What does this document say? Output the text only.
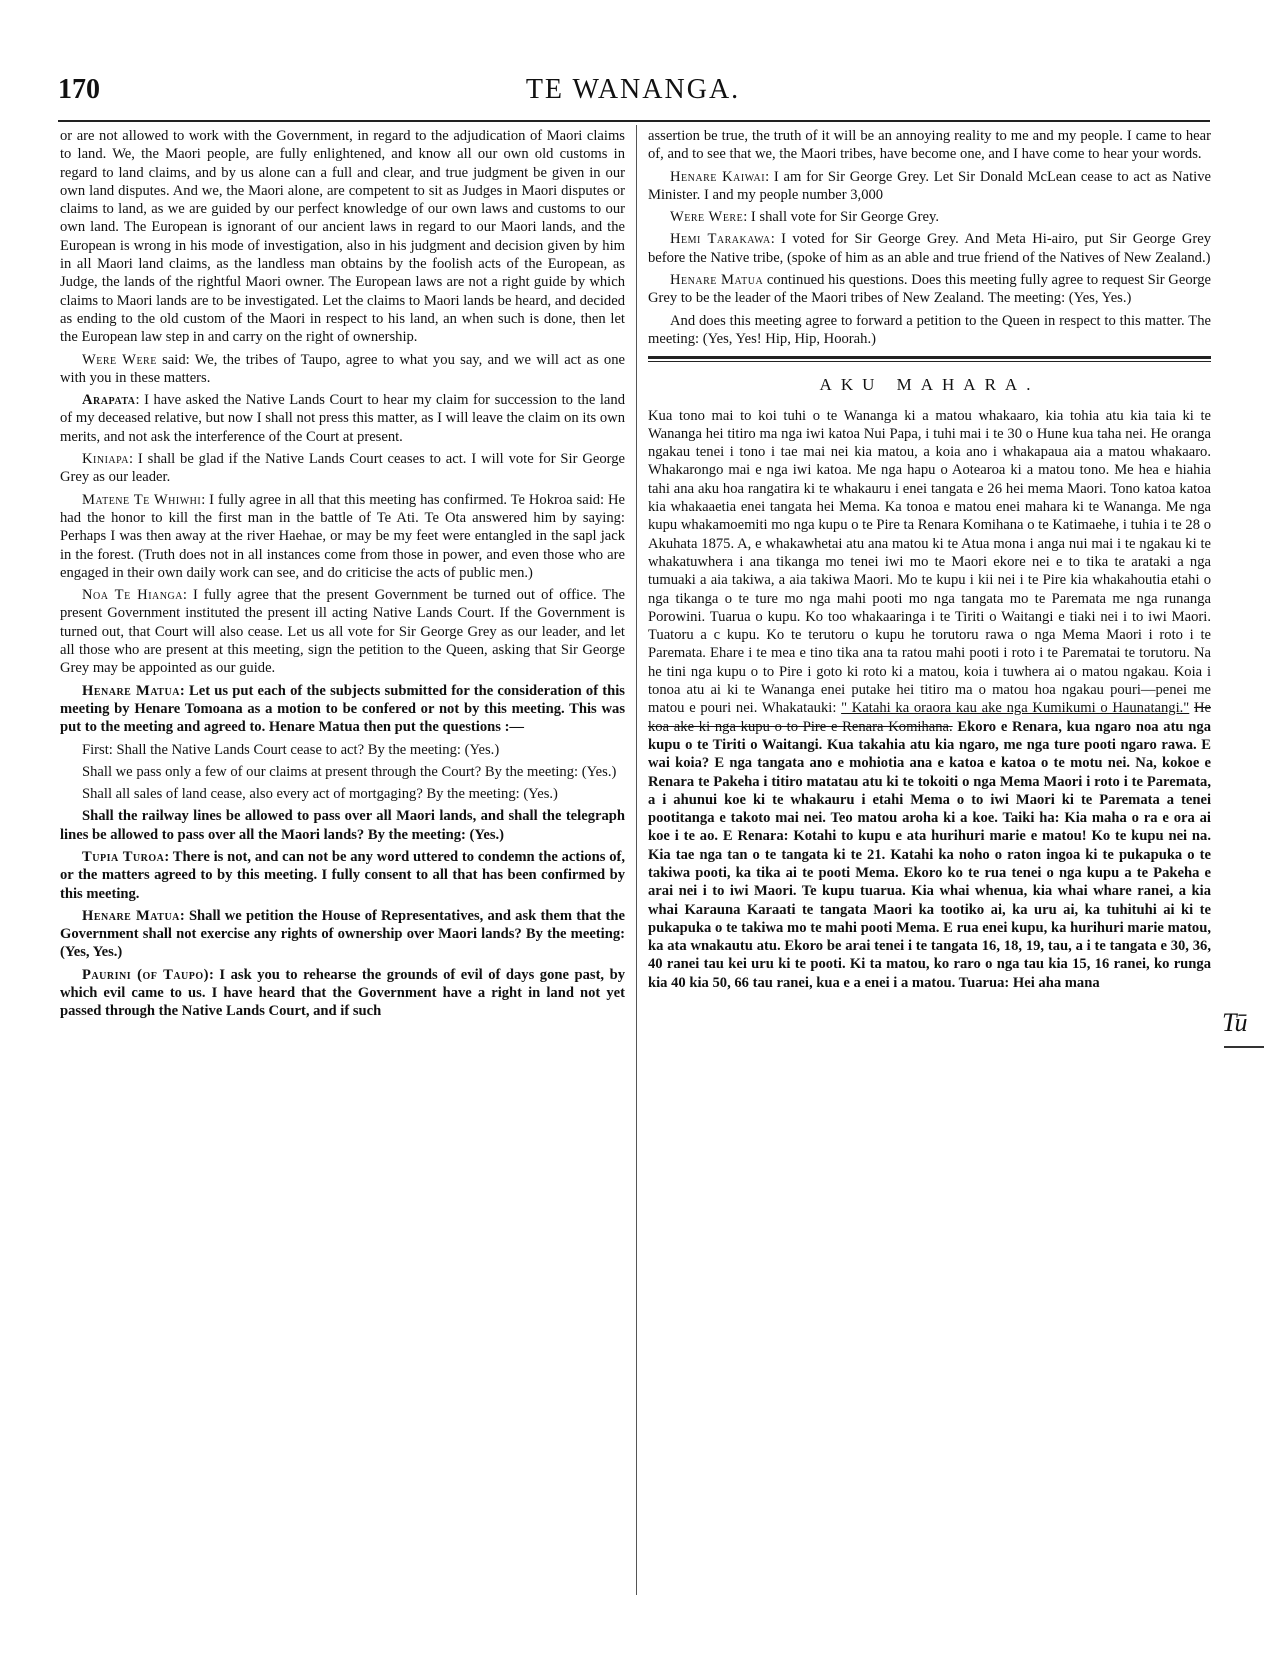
170	TE WANANGA.

or are not allowed to work with the Government, in regard to the adjudication of Maori claims to land. We, the Maori people, are fully enlightened, and know all our own old customs in regard to land claims, and by us alone can a full and clear, and true judgment be given in our own land disputes. And we, the Maori alone, are competent to sit as Judges in Maori disputes or claims to land, as we are guided by our perfect knowledge of our own laws and customs to our own land. The European is ignorant of our ancient laws in regard to our Maori lands, and the European is wrong in his mode of investigation, also in his judgment and decision given by him in all Maori land claims, as the landless man obtains by the foolish acts of the European, as Judge, the lands of the rightful Maori owner. The European laws are not a right guide by which claims to Maori lands are to be investigated. Let the claims to Maori lands be heard, and decided as ending to the old custom of the Maori in respect to his land, an when such is done, then let the European law step in and carry on the right of ownership.

Were Were said: We, the tribes of Taupo, agree to what you say, and we will act as one with you in these matters.

Arapata: I have asked the Native Lands Court to hear my claim for succession to the land of my deceased relative, but now I shall not press this matter, as I will leave the claim on its own merits, and not ask the interference of the Court at present.

Kiniapa: I shall be glad if the Native Lands Court ceases to act. I will vote for Sir George Grey as our leader.

Matene Te Whiwhi: I fully agree in all that this meeting has confirmed. Te Hokroa said: He had the honor to kill the first man in the battle of Te Ati. Te Ota answered him by saying: Perhaps I was then away at the river Haehae, or may be my feet were entangled in the sapl jack in the forest. (Truth does not in all instances come from those in power, and even those who are engaged in their own daily work can see, and do criticise the acts of public men.)

Noa Te Hianga: I fully agree that the present Government be turned out of office. The present Government instituted the present ill acting Native Lands Court. If the Government is turned out, that Court will also cease. Let us all vote for Sir George Grey as our leader, and let all those who are present at this meeting, sign the petition to the Queen, asking that Sir George Grey may be appointed as our guide.

Henare Matua: Let us put each of the subjects submitted for the consideration of this meeting by Henare Tomoana as a motion to be confered or not by this meeting. This was put to the meeting and agreed to. Henare Matua then put the questions :—

First: Shall the Native Lands Court cease to act? By the meeting: (Yes.)

Shall we pass only a few of our claims at present through the Court? By the meeting: (Yes.)

Shall all sales of land cease, also every act of mortgaging? By the meeting: (Yes.)

Shall the railway lines be allowed to pass over all Maori lands, and shall the telegraph lines be allowed to pass over all the Maori lands? By the meeting: (Yes.)

Tupia Turoa: There is not, and can not be any word uttered to condemn the actions of, or the matters agreed to by this meeting. I fully consent to all that has been confirmed by this meeting.

Henare Matua: Shall we petition the House of Representatives, and ask them that the Government shall not exercise any rights of ownership over Maori lands? By the meeting: (Yes, Yes.)

Paurini (of Taupo): I ask you to rehearse the grounds of evil of days gone past, by which evil came to us. I have heard that the Government have a right in land not yet passed through the Native Lands Court, and if such

assertion be true, the truth of it will be an annoying reality to me and my people. I came to hear of, and to see that we, the Maori tribes, have become one, and I have come to hear your words.

Henare Kaiwai: I am for Sir George Grey. Let Sir Donald McLean cease to act as Native Minister. I and my people number 3,000

Were Were: I shall vote for Sir George Grey.

Hemi Tarakawa: I voted for Sir George Grey. And Meta Hi-airo, put Sir George Grey before the Native tribe, (spoke of him as an able and true friend of the Natives of New Zealand.)

Henare Matua continued his questions. Does this meeting fully agree to request Sir George Grey to be the leader of the Maori tribes of New Zealand. The meeting: (Yes, Yes.)

And does this meeting agree to forward a petition to the Queen in respect to this matter. The meeting: (Yes, Yes! Hip, Hip, Hoorah.)

AKU MAHARA.

Kua tono mai to koi tuhi o te Wananga ki a matou whakaaro, kia tohia atu kia taia ki te Wananga hei titiro ma nga iwi katoa Nui Papa, i tuhi mai i te 30 o Hune kua taha nei. He oranga ngakau tenei i tono i tae mai nei kia matou, a koia ano i whakapaua aia a matou whakaaro. Whakarongo mai e nga iwi katoa. Me nga hapu o Aotearoa ki a matou tono. Me hea e hiahia tahi ana aku hoa rangatira ki te whakauru i enei tangata e 26 hei mema Maori. Tono katoa katoa kia whakaaetia enei tangata hei Mema. Ka tonoa e matou enei mahara ki te Wananga. Me nga kupu whakamoemiti mo nga kupu o te Pire ta Renara Komihana o te Katimaehe, i tuhia i te 28 o Akuhata 1875. A, e whakawhetai atu ana matou ki te Atua mona i anga nui mai i te ngakau ki te whakatuwhera i ana tikanga mo tenei iwi mo te Maori ekore nei e to tika te arataki a nga tumuaki a aia takiwa, a aia takiwa Maori. Mo te kupu i kii nei i te Pire kia whakahoutia etahi o nga tikanga o te ture mo nga mahi pooti mo nga tangata mo te Paremata me nga runanga Porowini. Tuarua o kupu. Ko too whakaaringa i te Tiriti o Waitangi e tiaki nei i to iwi Maori. Tuatoru a c kupu. Ko te terutoru o kupu he torutoru rawa o nga Mema Maori i roto i te Paremata. Ehare i te mea e tino tika ana ta ratou mahi pooti i roto i te Parematai te torutoru. Na he tini nga kupu o to Pire i goto ki roto ki a matou, koia i tuwhera ai o matou ngakau. Koia i tonoa atu ai ki te Wananga enei putake hei titiro ma o matou hoa ngakau pouri—penei me matou e pouri nei. Whakatauki: " Katahi ka oraora kau ake nga Kumikumi o Haunatangi." He koa ake ki nga kupu o to Pire e Renara Komihana. Ekoro e Renara, kua ngaro noa atu nga kupu o te Tiriti o Waitangi. Kua takahia atu kia ngaro, me nga ture pooti ngaro rawa. E wai koia? E nga tangata ano e mohiotia ana e katoa e katoa o te motu nei. Na, kokoe e Renara te Pakeha i titiro matatau atu ki te tokoiti o nga Mema Maori i roto i te Paremata, a i ahunui koe ki te whakauru i etahi Mema o to iwi Maori ki te Paremata a tenei pootitanga e takoto mai nei. Teo matou aroha ki a koe. Taiki ha: Kia maha o ra e ora ai koe i te ao. E Renara: Kotahi to kupu e ata hurihuri marie e matou! Ko te kupu nei na. Kia tae nga tan o te tangata ki te 21. Katahi ka noho o raton ingoa ki te pukapuka o te takiwa pooti, ka tika ai te pooti Mema. Ekoro ko te rua tenei o nga kupu a te Pakeha e arai nei i to iwi Maori. Te kupu tuarua. Kia whai whenua, kia whai whare ranei, a kia whai Karauna Karaati te tangata Maori ka tootiko ai, ka uru ai, ka tuhituhi ai ki te pukapuka o te takiwa mo te mahi pooti Mema. E rua enei kupu, ka hurihuri marie matou, ka ata wnakautu atu. Ekoro be arai tenei i te tangata 16, 18, 19, tau, a i te tangata e 30, 36, 40 ranei tau kei uru ki te pooti. Ki ta matou, ko raro o nga tau kia 15, 16 ranei, ko runga kia 40 kia 50, 66 tau ranei, kua e a enei i a matou. Tuarua: Hei aha mana

Tū
